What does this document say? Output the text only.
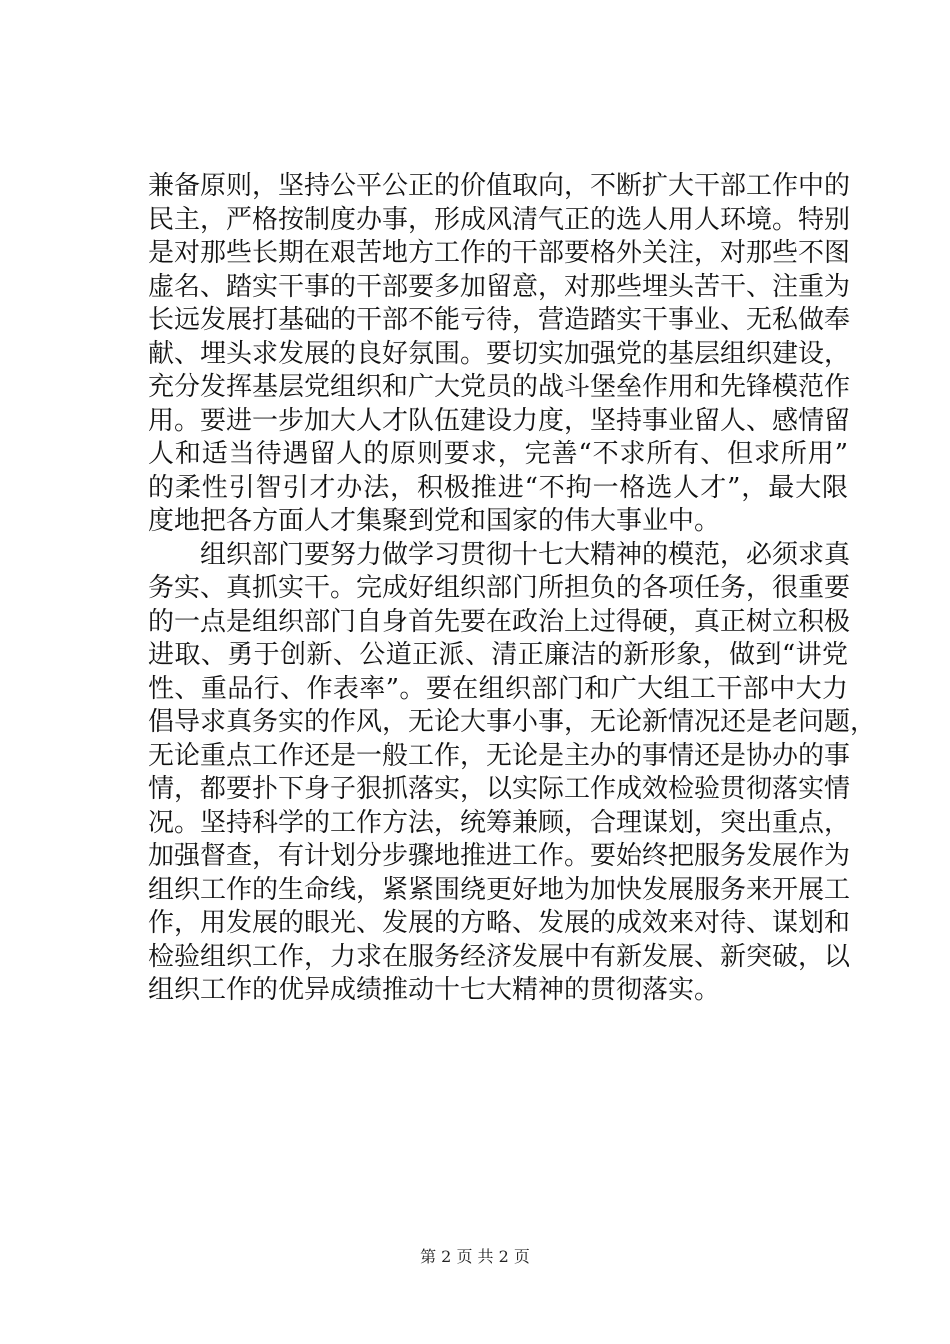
兼备原则，坚持公平公正的价值取向，不断扩大干部工作中的
民主，严格按制度办事，形成风清气正的选人用人环境。特别
是对那些长期在艰苦地方工作的干部要格外关注，对那些不图
虚名、踏实干事的干部要多加留意，对那些埋头苦干、注重为
长远发展打基础的干部不能亏待，营造踏实干事业、无私做奉
献、埋头求发展的良好氛围。要切实加强党的基层组织建设，
充分发挥基层党组织和广大党员的战斗堡垒作用和先锋模范作
用。要进一步加大人才队伍建设力度，坚持事业留人、感情留
人和适当待遇留人的原则要求，完善“不求所有、但求所用”
的柔性引智引才办法，积极推进“不拘一格选人才”，最大限
度地把各方面人才集聚到党和国家的伟大事业中。
　　组织部门要努力做学习贯彻十七大精神的模范，必须求真
务实、真抓实干。完成好组织部门所担负的各项任务，很重要
的一点是组织部门自身首先要在政治上过得硬，真正树立积极
进取、勇于创新、公道正派、清正廉洁的新形象，做到“讲党
性、重品行、作表率”。要在组织部门和广大组工干部中大力
倡导求真务实的作风，无论大事小事，无论新情况还是老问题，
无论重点工作还是一般工作，无论是主办的事情还是协办的事
情，都要扑下身子狠抓落实，以实际工作成效检验贯彻落实情
况。坚持科学的工作方法，统筹兼顾，合理谋划，突出重点，
加强督查，有计划分步骤地推进工作。要始终把服务发展作为
组织工作的生命线，紧紧围绕更好地为加快发展服务来开展工
作，用发展的眼光、发展的方略、发展的成效来对待、谋划和
检验组织工作，力求在服务经济发展中有新发展、新突破，以
组织工作的优异成绩推动十七大精神的贯彻落实。
第 2 页 共 2 页
